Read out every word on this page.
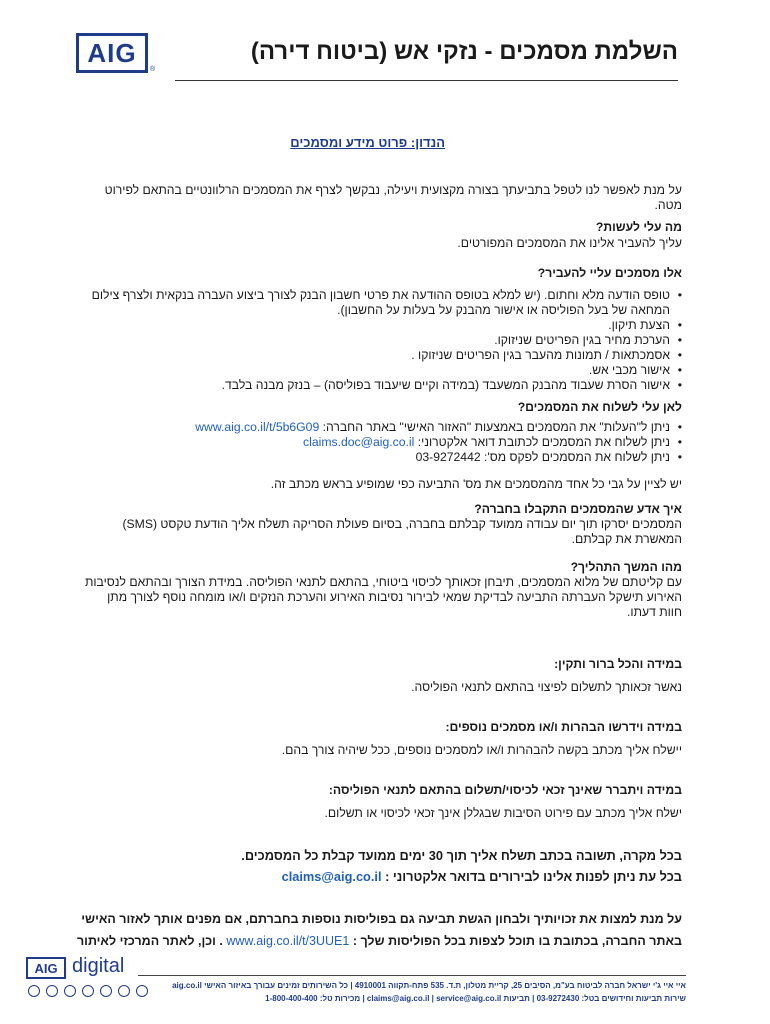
AIG
®
השלמת מסמכים - נזקי אש (ביטוח דירה)
הנדון: פרוט מידע ומסמכים
על מנת לאפשר לנו לטפל בתביעתך בצורה מקצועית ויעילה, נבקשך לצרף את המסמכים הרלוונטיים בהתאם לפירוט מטה.
מה עלי לעשות?
עליך להעביר אלינו את המסמכים המפורטים.
אלו מסמכים עליי להעביר?
• טופס הודעה מלא וחתום. (יש למלא בטופס ההודעה את פרטי חשבון הבנק לצורך ביצוע העברה בנקאית ולצרף צילום המחאה של בעל הפוליסה או אישור מהבנק על בעלות על החשבון).
• הצעת תיקון.
• הערכת מחיר בגין הפריטים שניזוקו.
• אסמכתאות / תמונות מהעבר בגין הפריטים שניזוקו .
• אישור מכבי אש.
• אישור הסרת שעבוד מהבנק המשעבד (במידה וקיים שיעבוד בפוליסה) – בנזק מבנה בלבד.
לאן עלי לשלוח את המסמכים?
• ניתן ל"העלות" את המסמכים באמצעות "האזור האישי" באתר החברה: www.aig.co.il/t/5b6G09
• ניתן לשלוח את המסמכים לכתובת דואר אלקטרוני: claims.doc@aig.co.il
• ניתן לשלוח את המסמכים לפקס מס': 03-9272442
יש לציין על גבי כל אחד מהמסמכים את מס' התביעה כפי שמופיע בראש מכתב זה.
איך אדע שהמסמכים התקבלו בחברה?
המסמכים יסרקו תוך יום עבודה ממועד קבלתם בחברה, בסיום פעולת הסריקה תשלח אליך הודעת טקסט (SMS) המאשרת את קבלתם.
מהו המשך התהליך?
עם קליטתם של מלוא המסמכים, תיבחן זכאותך לכיסוי ביטוחי, בהתאם לתנאי הפוליסה. במידת הצורך ובהתאם לנסיבות האירוע תישקל העברתה התביעה לבדיקת שמאי לבירור נסיבות האירוע והערכת הנזקים ו/או מומחה נוסף לצורך מתן חוות דעתו.
במידה והכל ברור ותקין:
נאשר זכאותך לתשלום לפיצוי בהתאם לתנאי הפוליסה.
במידה וידרשו הבהרות ו/או מסמכים נוספים:
יישלח אליך מכתב בקשה להבהרות ו/או למסמכים נוספים, ככל שיהיה צורך בהם.
במידה ויתברר שאינך זכאי לכיסוי/תשלום בהתאם לתנאי הפוליסה:
ישלח אליך מכתב עם פירוט הסיבות שבגללן אינך זכאי לכיסוי או תשלום.
בכל מקרה, תשובה בכתב תשלח אליך תוך 30 ימים ממועד קבלת כל המסמכים.
בכל עת ניתן לפנות אלינו לבירורים בדואר אלקטרוני : claims@aig.co.il
על מנת למצות את זכויותיך ולבחון הגשת תביעה גם בפוליסות נוספות בחברתם, אם מפנים אותך לאזור האישי
באתר החברה, בכתובת בו תוכל לצפות בכל הפוליסות שלך : www.aig.co.il/t/3UUE1 . וכן, לאתר המרכזי לאיתור
AIG digital
איי איי ג'י ישראל חברה לביטוח בע"מ, הסיבים 25, קריית מטלון, ת.ד. 535 פתח-תקווה 4910001 | כל השירותים זמינים עבורך באיזור האישי aig.co.il
שירות תביעות וחידושים בטל: 03-9272430 | תביעות claims@aig.co.il | service@aig.co.il | מכירות טל: 1-800-400-400
